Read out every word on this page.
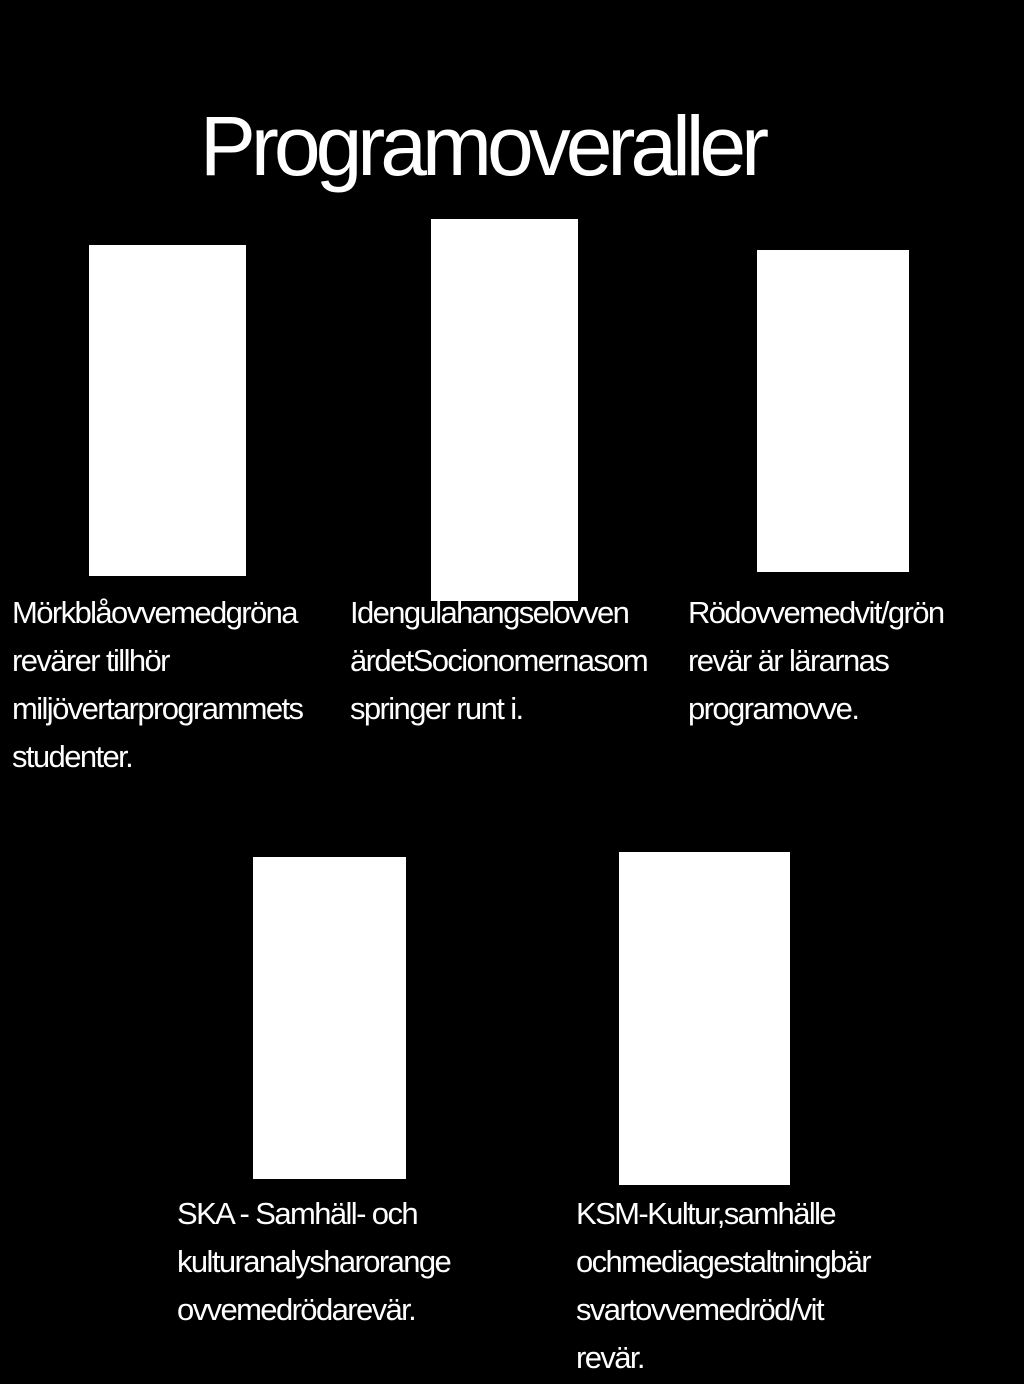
Programoveraller
Mörkblåovvemedgröna
revärer tillhör
miljövertarprogrammets
studenter.
Idengulahangselovven
ärdetSocionomernasom
springer runt i.
Rödovvemedvit/grön
revär är lärarnas
programovve.
SKA - Samhäll- och
kulturanalysharorange
ovvemedrödarevär.
KSM-Kultur,samhälle
ochmediagestaltningbär
svartovvemedröd/vit
revär.
